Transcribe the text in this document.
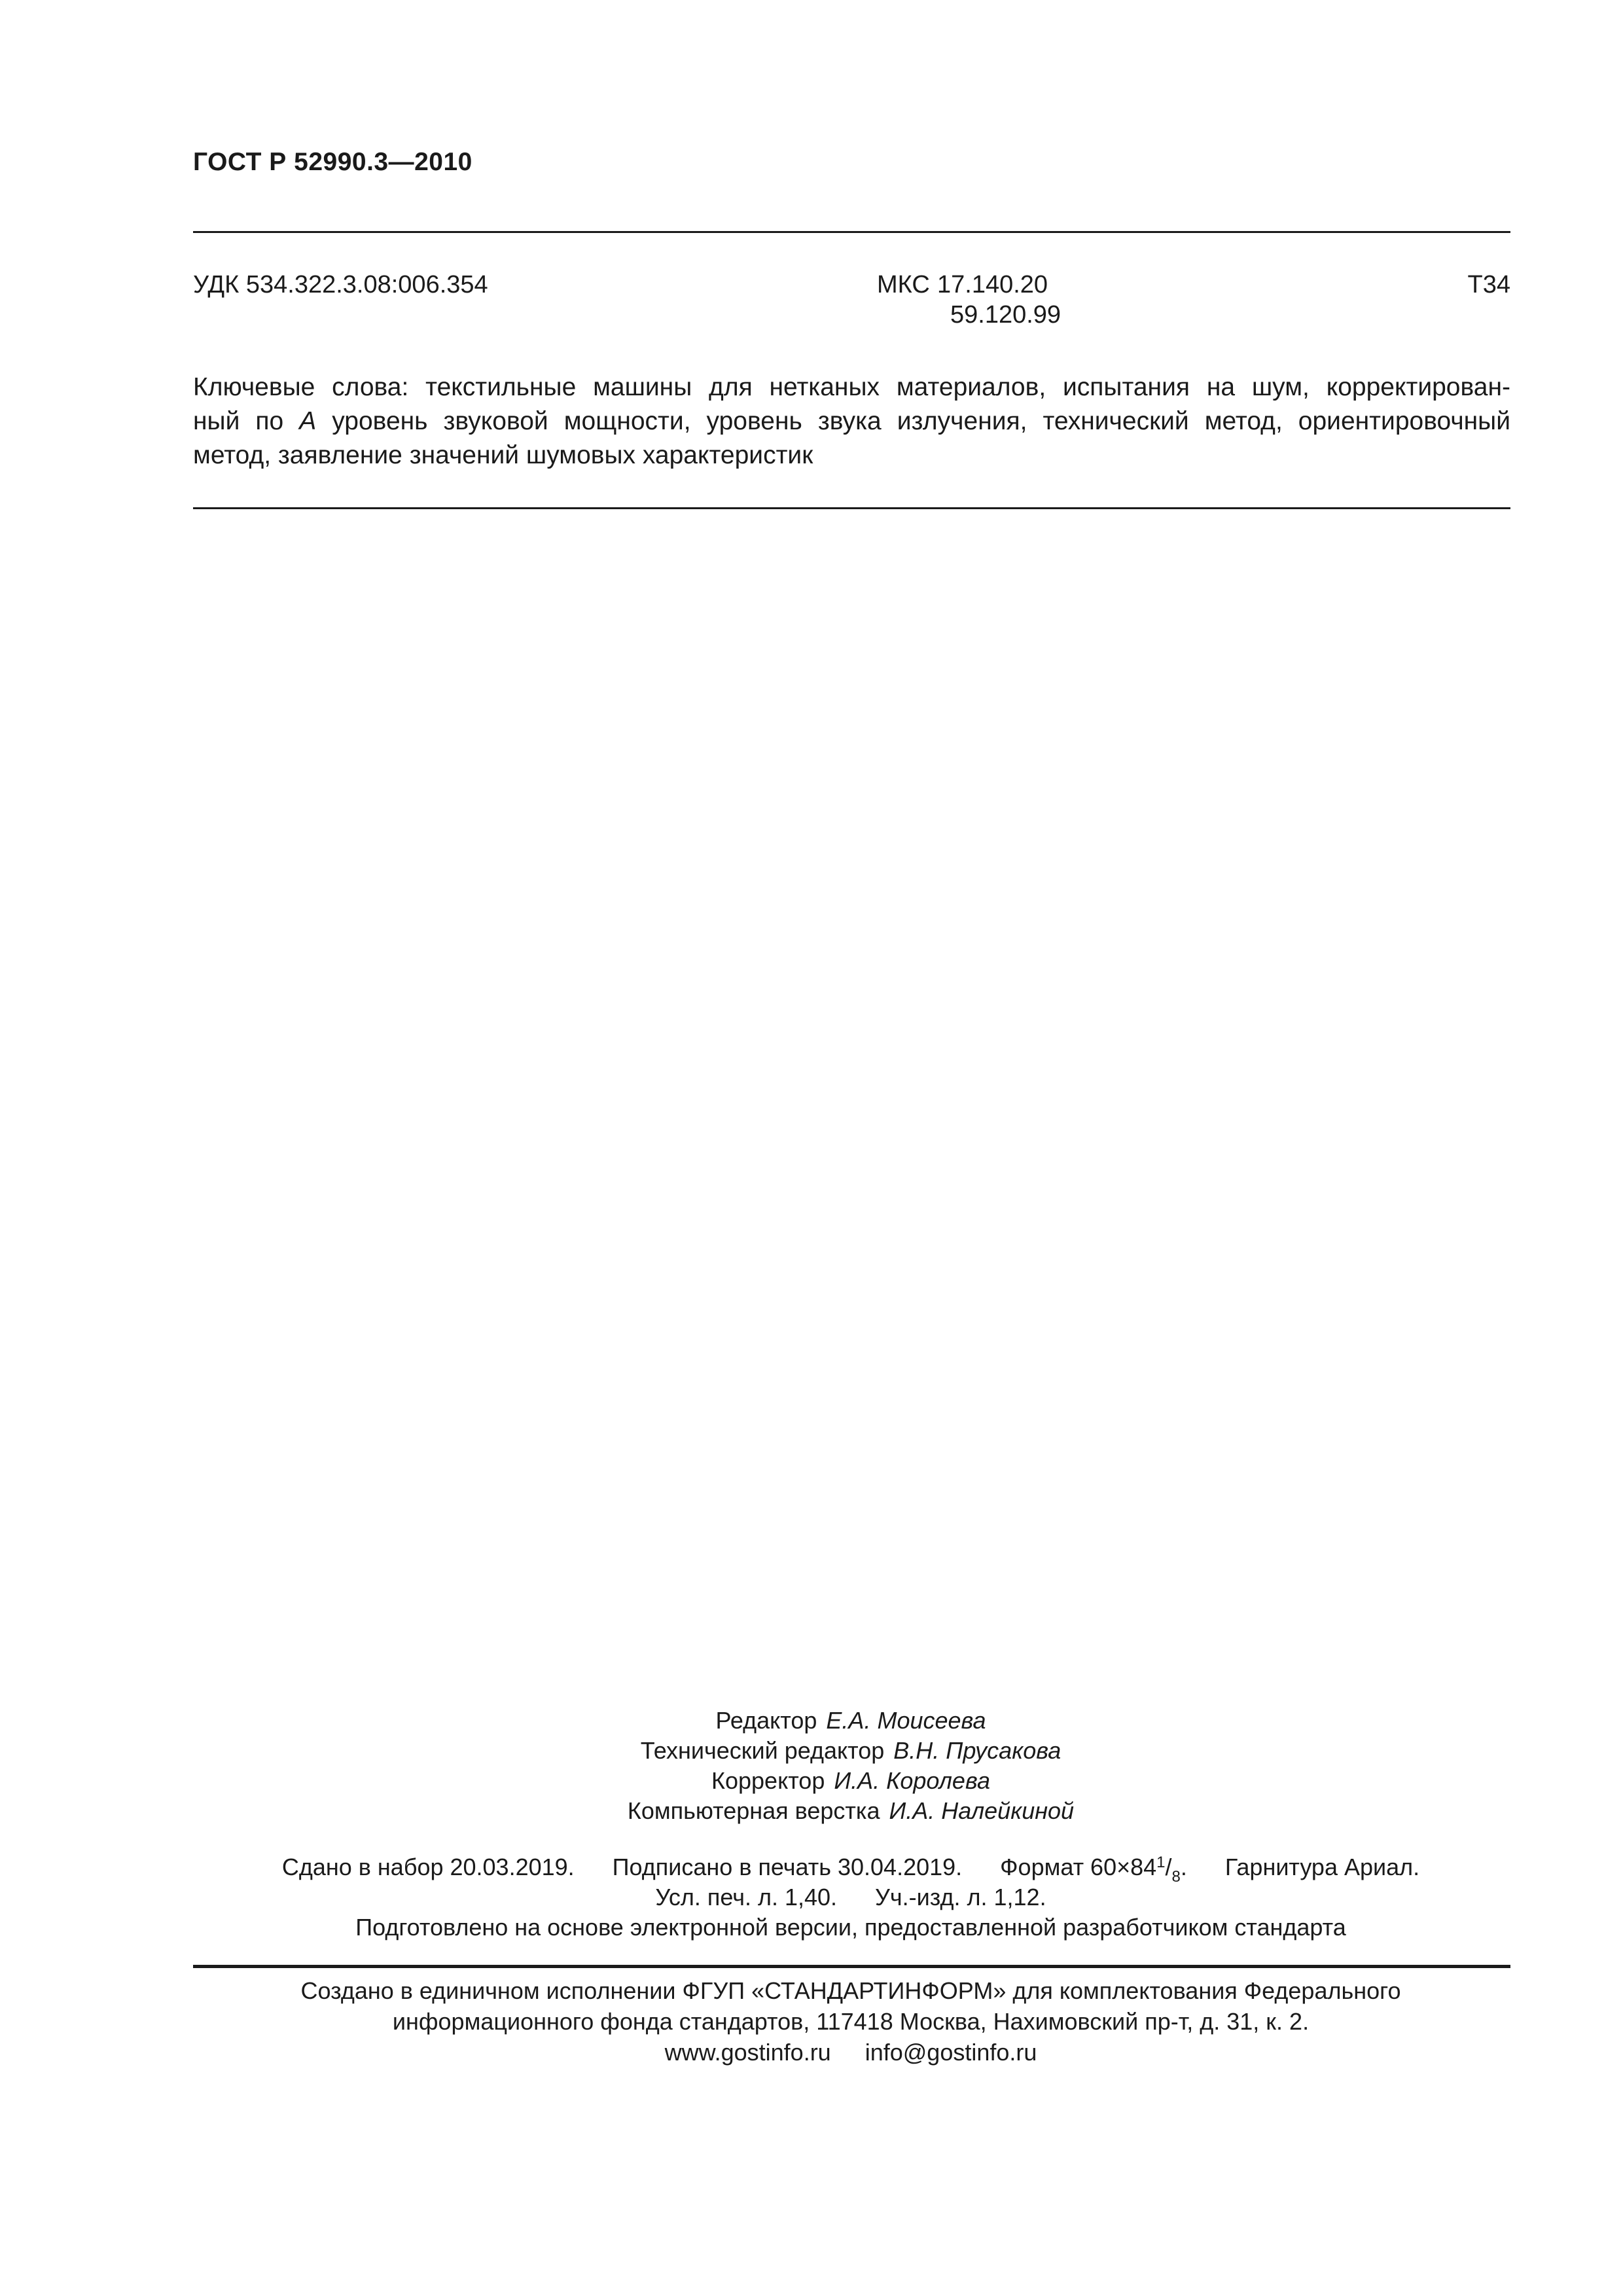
ГОСТ Р 52990.3—2010
УДК 534.322.3.08:006.354	МКС 17.140.20
59.120.99
Т34
Ключевые слова: текстильные машины для нетканых материалов, испытания на шум, корректирован-
ный по А уровень звуковой мощности, уровень звука излучения, технический метод, ориентировочный
метод, заявление значений шумовых характеристик
Редактор Е.А. Моисеева
Технический редактор В.Н. Прусакова
Корректор И.А. Королева
Компьютерная верстка И.А. Налейкиной
Сдано в набор 20.03.2019. Подписано в печать 30.04.2019. Формат $60\times 84^1/_8$. Гарнитура Ариал.
Усл. печ. л. 1,40. Уч.-изд. л. 1,12.
Подготовлено на основе электронной версии, предоставленной разработчиком стандарта
Создано в единичном исполнении ФГУП «СТАНДАРТИНФОРМ» для комплектования Федерального
информационного фонда стандартов, 117418 Москва, Нахимовский пр-т, д. 31, к. 2.
www.gostinfo.ru info@gostinfo.ru
